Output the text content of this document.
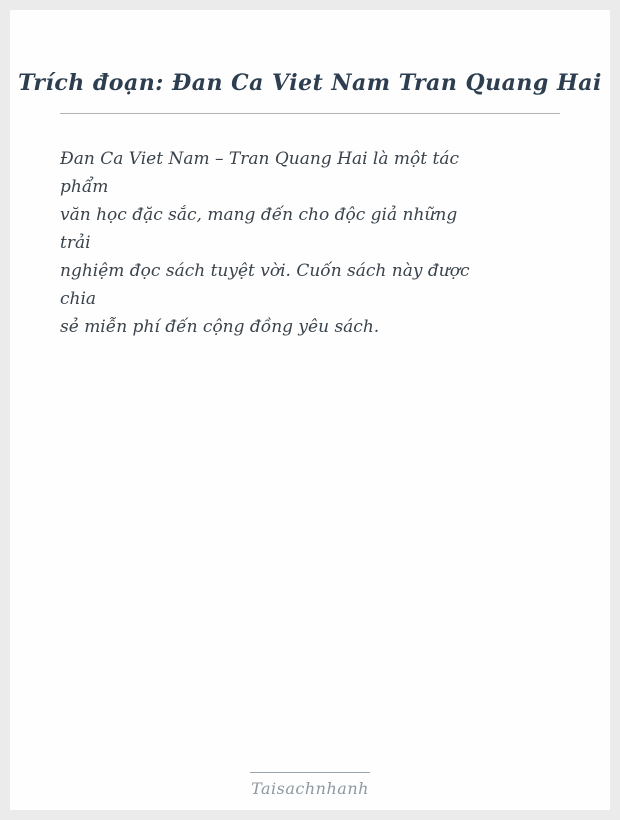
Trích đoạn: Đan Ca Viet Nam Tran Quang Hai
Đan Ca Viet Nam – Tran Quang Hai là một tác
phẩm
văn học đặc sắc, mang đến cho độc giả những
trải
nghiệm đọc sách tuyệt vời. Cuốn sách này được
chia
sẻ miễn phí đến cộng đồng yêu sách.
Taisachnhanh
